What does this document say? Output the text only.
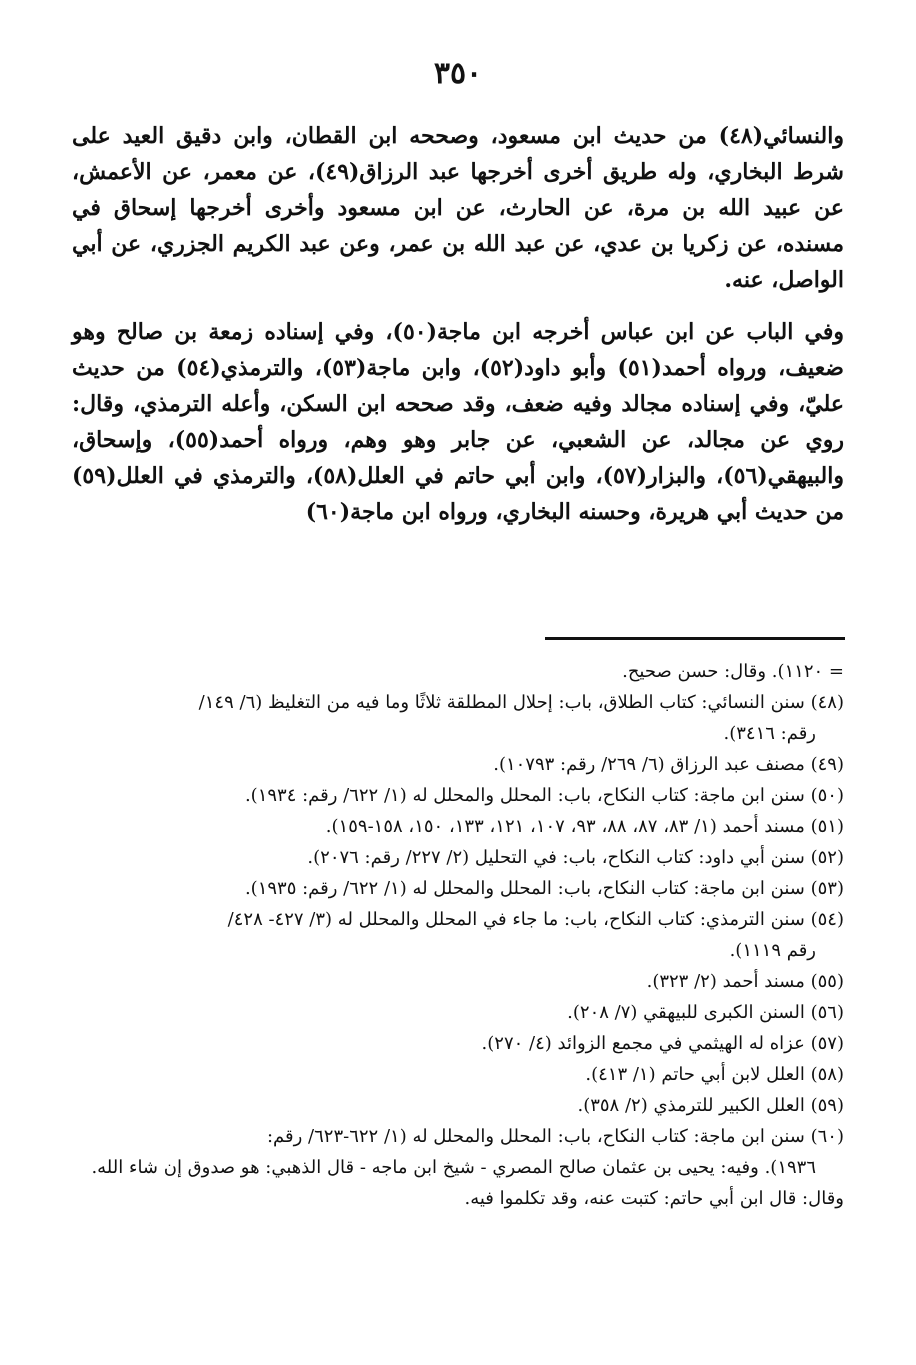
٣٥٠

والنسائي(٤٨) من حديث ابن مسعود، وصححه ابن القطان، وابن دقيق العيد على شرط البخاري، وله طريق أخرى أخرجها عبد الرزاق(٤٩)، عن معمر، عن الأعمش، عن عبيد الله بن مرة، عن الحارث، عن ابن مسعود وأخرى أخرجها إسحاق في مسنده، عن زكريا بن عدي، عن عبد الله بن عمر، وعن عبد الكريم الجزري، عن أبي الواصل، عنه.

وفي الباب عن ابن عباس أخرجه ابن ماجة(٥٠)، وفي إسناده زمعة بن صالح وهو ضعيف، ورواه أحمد(٥١) وأبو داود(٥٢)، وابن ماجة(٥٣)، والترمذي(٥٤) من حديث عليّ، وفي إسناده مجالد وفيه ضعف، وقد صححه ابن السكن، وأعله الترمذي، وقال: روي عن مجالد، عن الشعبي، عن جابر وهو وهم، ورواه أحمد(٥٥)، وإسحاق، والبيهقي(٥٦)، والبزار(٥٧)، وابن أبي حاتم في العلل(٥٨)، والترمذي في العلل(٥٩) من حديث أبي هريرة، وحسنه البخاري، ورواه ابن ماجة(٦٠)

= ١١٢٠). وقال: حسن صحيح.

(٤٨) سنن النسائي: كتاب الطلاق، باب: إحلال المطلقة ثلاثًا وما فيه من التغليظ (٦/ ١٤٩/
رقم: ٣٤١٦).

(٤٩) مصنف عبد الرزاق (٦/ ٢٦٩/ رقم: ١٠٧٩٣).

(٥٠) سنن ابن ماجة: كتاب النكاح، باب: المحلل والمحلل له (١/ ٦٢٢/ رقم: ١٩٣٤).

(٥١) مسند أحمد (١/ ٨٣، ٨٧، ٨٨، ٩٣، ١٠٧، ١٢١، ١٣٣، ١٥٠، ١٥٨-١٥٩).

(٥٢) سنن أبي داود: كتاب النكاح، باب: في التحليل (٢/ ٢٢٧/ رقم: ٢٠٧٦).

(٥٣) سنن ابن ماجة: كتاب النكاح، باب: المحلل والمحلل له (١/ ٦٢٢/ رقم: ١٩٣٥).

(٥٤) سنن الترمذي: كتاب النكاح، باب: ما جاء في المحلل والمحلل له (٣/ ٤٢٧- ٤٢٨/
رقم ١١١٩).

(٥٥) مسند أحمد (٢/ ٣٢٣).

(٥٦) السنن الكبرى للبيهقي (٧/ ٢٠٨).

(٥٧) عزاه له الهيثمي في مجمع الزوائد (٤/ ٢٧٠).

(٥٨) العلل لابن أبي حاتم (١/ ٤١٣).

(٥٩) العلل الكبير للترمذي (٢/ ٣٥٨).

(٦٠) سنن ابن ماجة: كتاب النكاح، باب: المحلل والمحلل له (١/ ٦٢٢-٦٢٣/ رقم:
١٩٣٦). وفيه: يحيى بن عثمان صالح المصري - شيخ ابن ماجه - قال الذهبي: هو صدوق إن شاء الله. وقال: قال ابن أبي حاتم: كتبت عنه، وقد تكلموا فيه.
